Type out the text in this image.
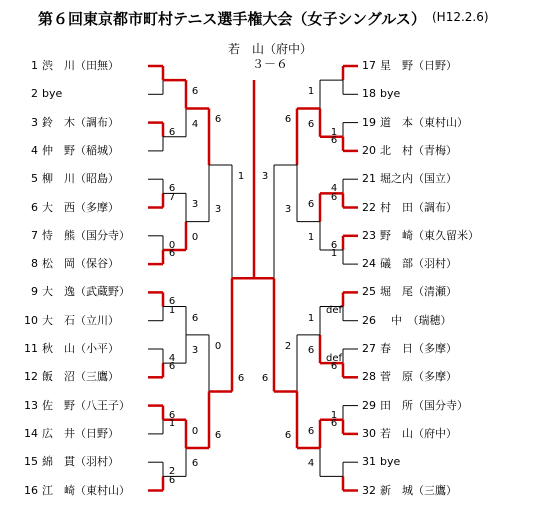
第６回東京都市町村テニス選手権大会（女子シングルス） (H12.2.6)
若　山（府中）
３－６
1 渋　川（田無）
2 bye
3 鈴　木（調布）
4 仲　野（稲城）
5 柳　川（昭島）
6 大　西（多摩）
7 恃　熊（国分寺）
8 松　岡（保谷）
9 大　逸（武蔵野）
10 大　石（立川）
11 秋　山（小平）
12 飯　沼（三鷹）
13 佐　野（八王子）
14 広　井（日野）
15 綿　貫（羽村）
16 江　崎（東村山）
17 星　野（日野）
18 bye
19 道　本（東村山）
20 北　村（青梅）
21 堀之内（国立）
22 村　田（調布）
23 野　崎（東久留米）
24 礒　部（羽村）
25 堀　尾（清瀬）
26　中　（瑞穂）
27 春　日（多摩）
28 菅　原（多摩）
29 田　所（国分寺）
30 若　山（府中）
31 bye
32 新　城（三鷹）
6
6
7
0
6
6
1
4
6
6
1
2
6
6
4
3
0
6
3
0
6
6
3
0
6
1
6
1
6
4
6
6
1
def
def
6
1
6
1
6
6
1
1
6
6
4
6
3
2
6
3
6
